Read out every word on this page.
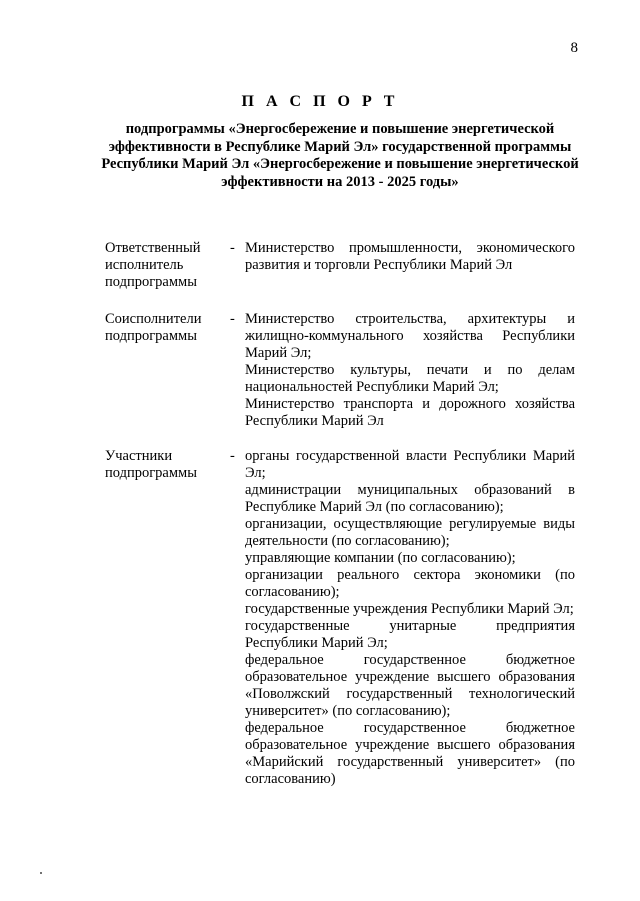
8
П А С П О Р Т
подпрограммы «Энергосбережение и повышение энергетической эффективности в Республике Марий Эл» государственной программы Республики Марий Эл «Энергосбережение и повышение энергетической эффективности на 2013 - 2025 годы»
Ответственный исполнитель подпрограммы
- Министерство промышленности, экономического развития и торговли Республики Марий Эл

Соисполнители подпрограммы
- Министерство строительства, архитектуры и жилищно-коммунального хозяйства Республики Марий Эл;

Министерство культуры, печати и по делам национальностей Республики Марий Эл;

Министерство транспорта и дорожного хозяйства Республики Марий Эл

Участники подпрограммы
- органы государственной власти Республики Марий Эл;

администрации муниципальных образований в Республике Марий Эл (по согласованию);

организации, осуществляющие регулируемые виды деятельности (по согласованию);

управляющие компании (по согласованию);

организации реального сектора экономики (по согласованию);

государственные учреждения Республики Марий Эл;

государственные унитарные предприятия Республики Марий Эл;

федеральное государственное бюджетное образовательное учреждение высшего образования «Поволжский государственный технологический университет» (по согласованию);

федеральное государственное бюджетное образовательное учреждение высшего образования «Марийский государственный университет» (по согласованию)
